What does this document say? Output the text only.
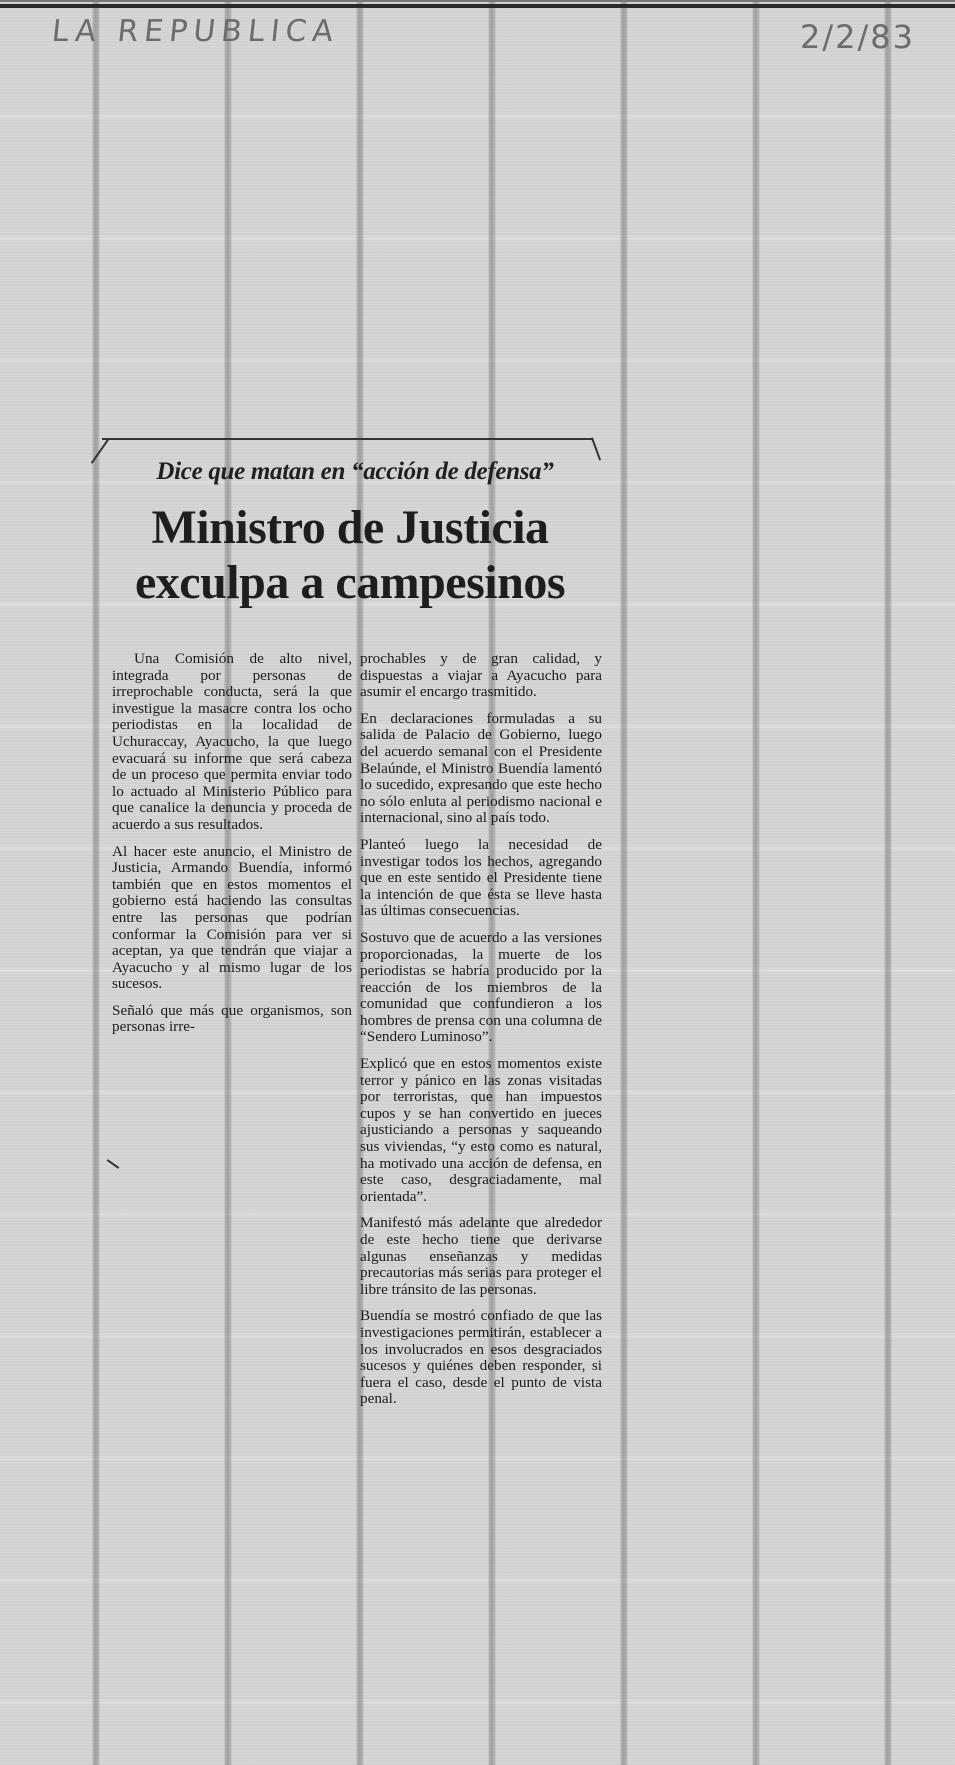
LA REPUBLICA	2/2/83
Dice que matan en “acción de defensa”
Ministro de Justicia
exculpa a campesinos

Una Comisión de alto nivel, integrada por personas de irreprochable conducta, será la que investigue la masacre contra los ocho periodistas en la localidad de Uchuraccay, Ayacucho, la que luego evacuará su informe que será cabeza de un proceso que permita enviar todo lo actuado al Ministerio Público para que canalice la denuncia y proceda de acuerdo a sus resultados.

Al hacer este anuncio, el Ministro de Justicia, Armando Buendía, informó también que en estos momentos el gobierno está haciendo las consultas entre las personas que podrían conformar la Comisión para ver si aceptan, ya que tendrán que viajar a Ayacucho y al mismo lugar de los sucesos.

Señaló que más que organismos, son personas irre-

prochables y de gran calidad, y dispuestas a viajar a Ayacucho para asumir el encargo trasmitido.

En declaraciones formuladas a su salida de Palacio de Gobierno, luego del acuerdo semanal con el Presidente Belaúnde, el Ministro Buendía lamentó lo sucedido, expresando que este hecho no sólo enluta al periodismo nacional e internacional, sino al país todo.

Planteó luego la necesidad de investigar todos los hechos, agregando que en este sentido el Presidente tiene la intención de que ésta se lleve hasta las últimas consecuencias.

Sostuvo que de acuerdo a las versiones proporcionadas, la muerte de los periodistas se habría producido por la reacción de los miembros de la comunidad que confundieron a los hombres de prensa con una columna de “Sendero Luminoso”.

Explicó que en estos momentos existe terror y pánico en las zonas visitadas por terroristas, que han impuestos cupos y se han convertido en jueces ajusticiando a personas y saqueando sus viviendas, “y esto como es natural, ha motivado una acción de defensa, en este caso, desgraciadamente, mal orientada”.

Manifestó más adelante que alrededor de este hecho tiene que derivarse algunas enseñanzas y medidas precautorias más serias para proteger el libre tránsito de las personas.

Buendía se mostró confiado de que las investigaciones permitirán, establecer a los involucrados en esos desgraciados sucesos y quiénes deben responder, si fuera el caso, desde el punto de vista penal.
